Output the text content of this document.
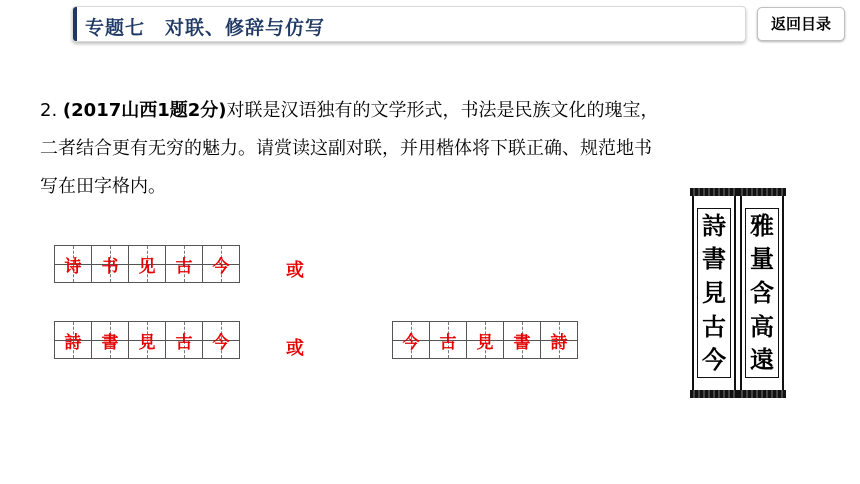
专题七　对联、修辞与仿写	返回目录
2. (2017山西1题2分)对联是汉语独有的文学形式，书法是民族文化的瑰宝，
二者结合更有无穷的魅力。请赏读这副对联，并用楷体将下联正确、规范地书
写在田字格内。
诗	书	见	古	今	或
詩	書	見	古	今	或	今	古	見	書	詩
詩
書
見
古
今
雅
量
含
高
遠
